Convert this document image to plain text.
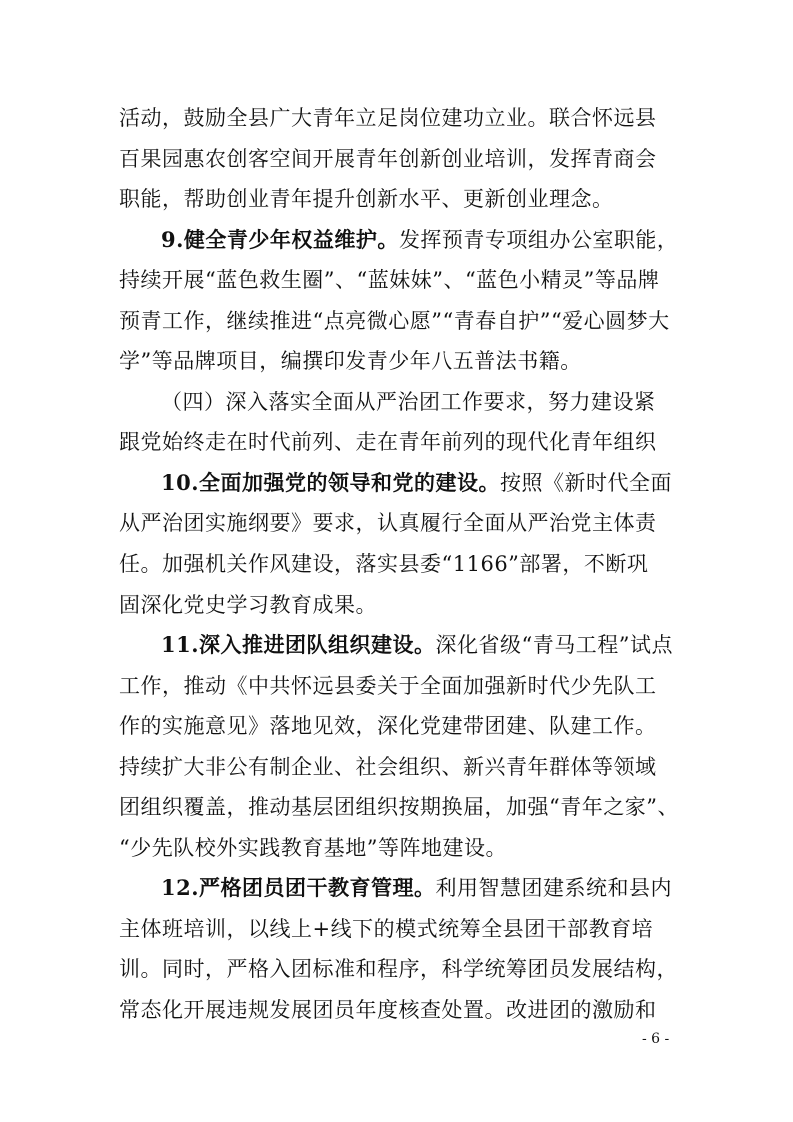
活动，鼓励全县广大青年立足岗位建功立业。联合怀远县
百果园惠农创客空间开展青年创新创业培训，发挥青商会
职能，帮助创业青年提升创新水平、更新创业理念。
9.健全青少年权益维护。发挥预青专项组办公室职能，
持续开展“蓝色救生圈”、“蓝妹妹”、“蓝色小精灵”等品牌
预青工作，继续推进“点亮微心愿”“青春自护”“爱心圆梦大
学”等品牌项目，编撰印发青少年八五普法书籍。
（四）深入落实全面从严治团工作要求，努力建设紧
跟党始终走在时代前列、走在青年前列的现代化青年组织
10.全面加强党的领导和党的建设。按照《新时代全面
从严治团实施纲要》要求，认真履行全面从严治党主体责
任。加强机关作风建设，落实县委“1166”部署，不断巩
固深化党史学习教育成果。
11.深入推进团队组织建设。深化省级“青马工程”试点
工作，推动《中共怀远县委关于全面加强新时代少先队工
作的实施意见》落地见效，深化党建带团建、队建工作。
持续扩大非公有制企业、社会组织、新兴青年群体等领域
团组织覆盖，推动基层团组织按期换届，加强“青年之家”、
“少先队校外实践教育基地”等阵地建设。
12.严格团员团干教育管理。利用智慧团建系统和县内
主体班培训，以线上+线下的模式统筹全县团干部教育培
训。同时，严格入团标准和程序，科学统筹团员发展结构，
常态化开展违规发展团员年度核查处置。改进团的激励和
- 6 -
